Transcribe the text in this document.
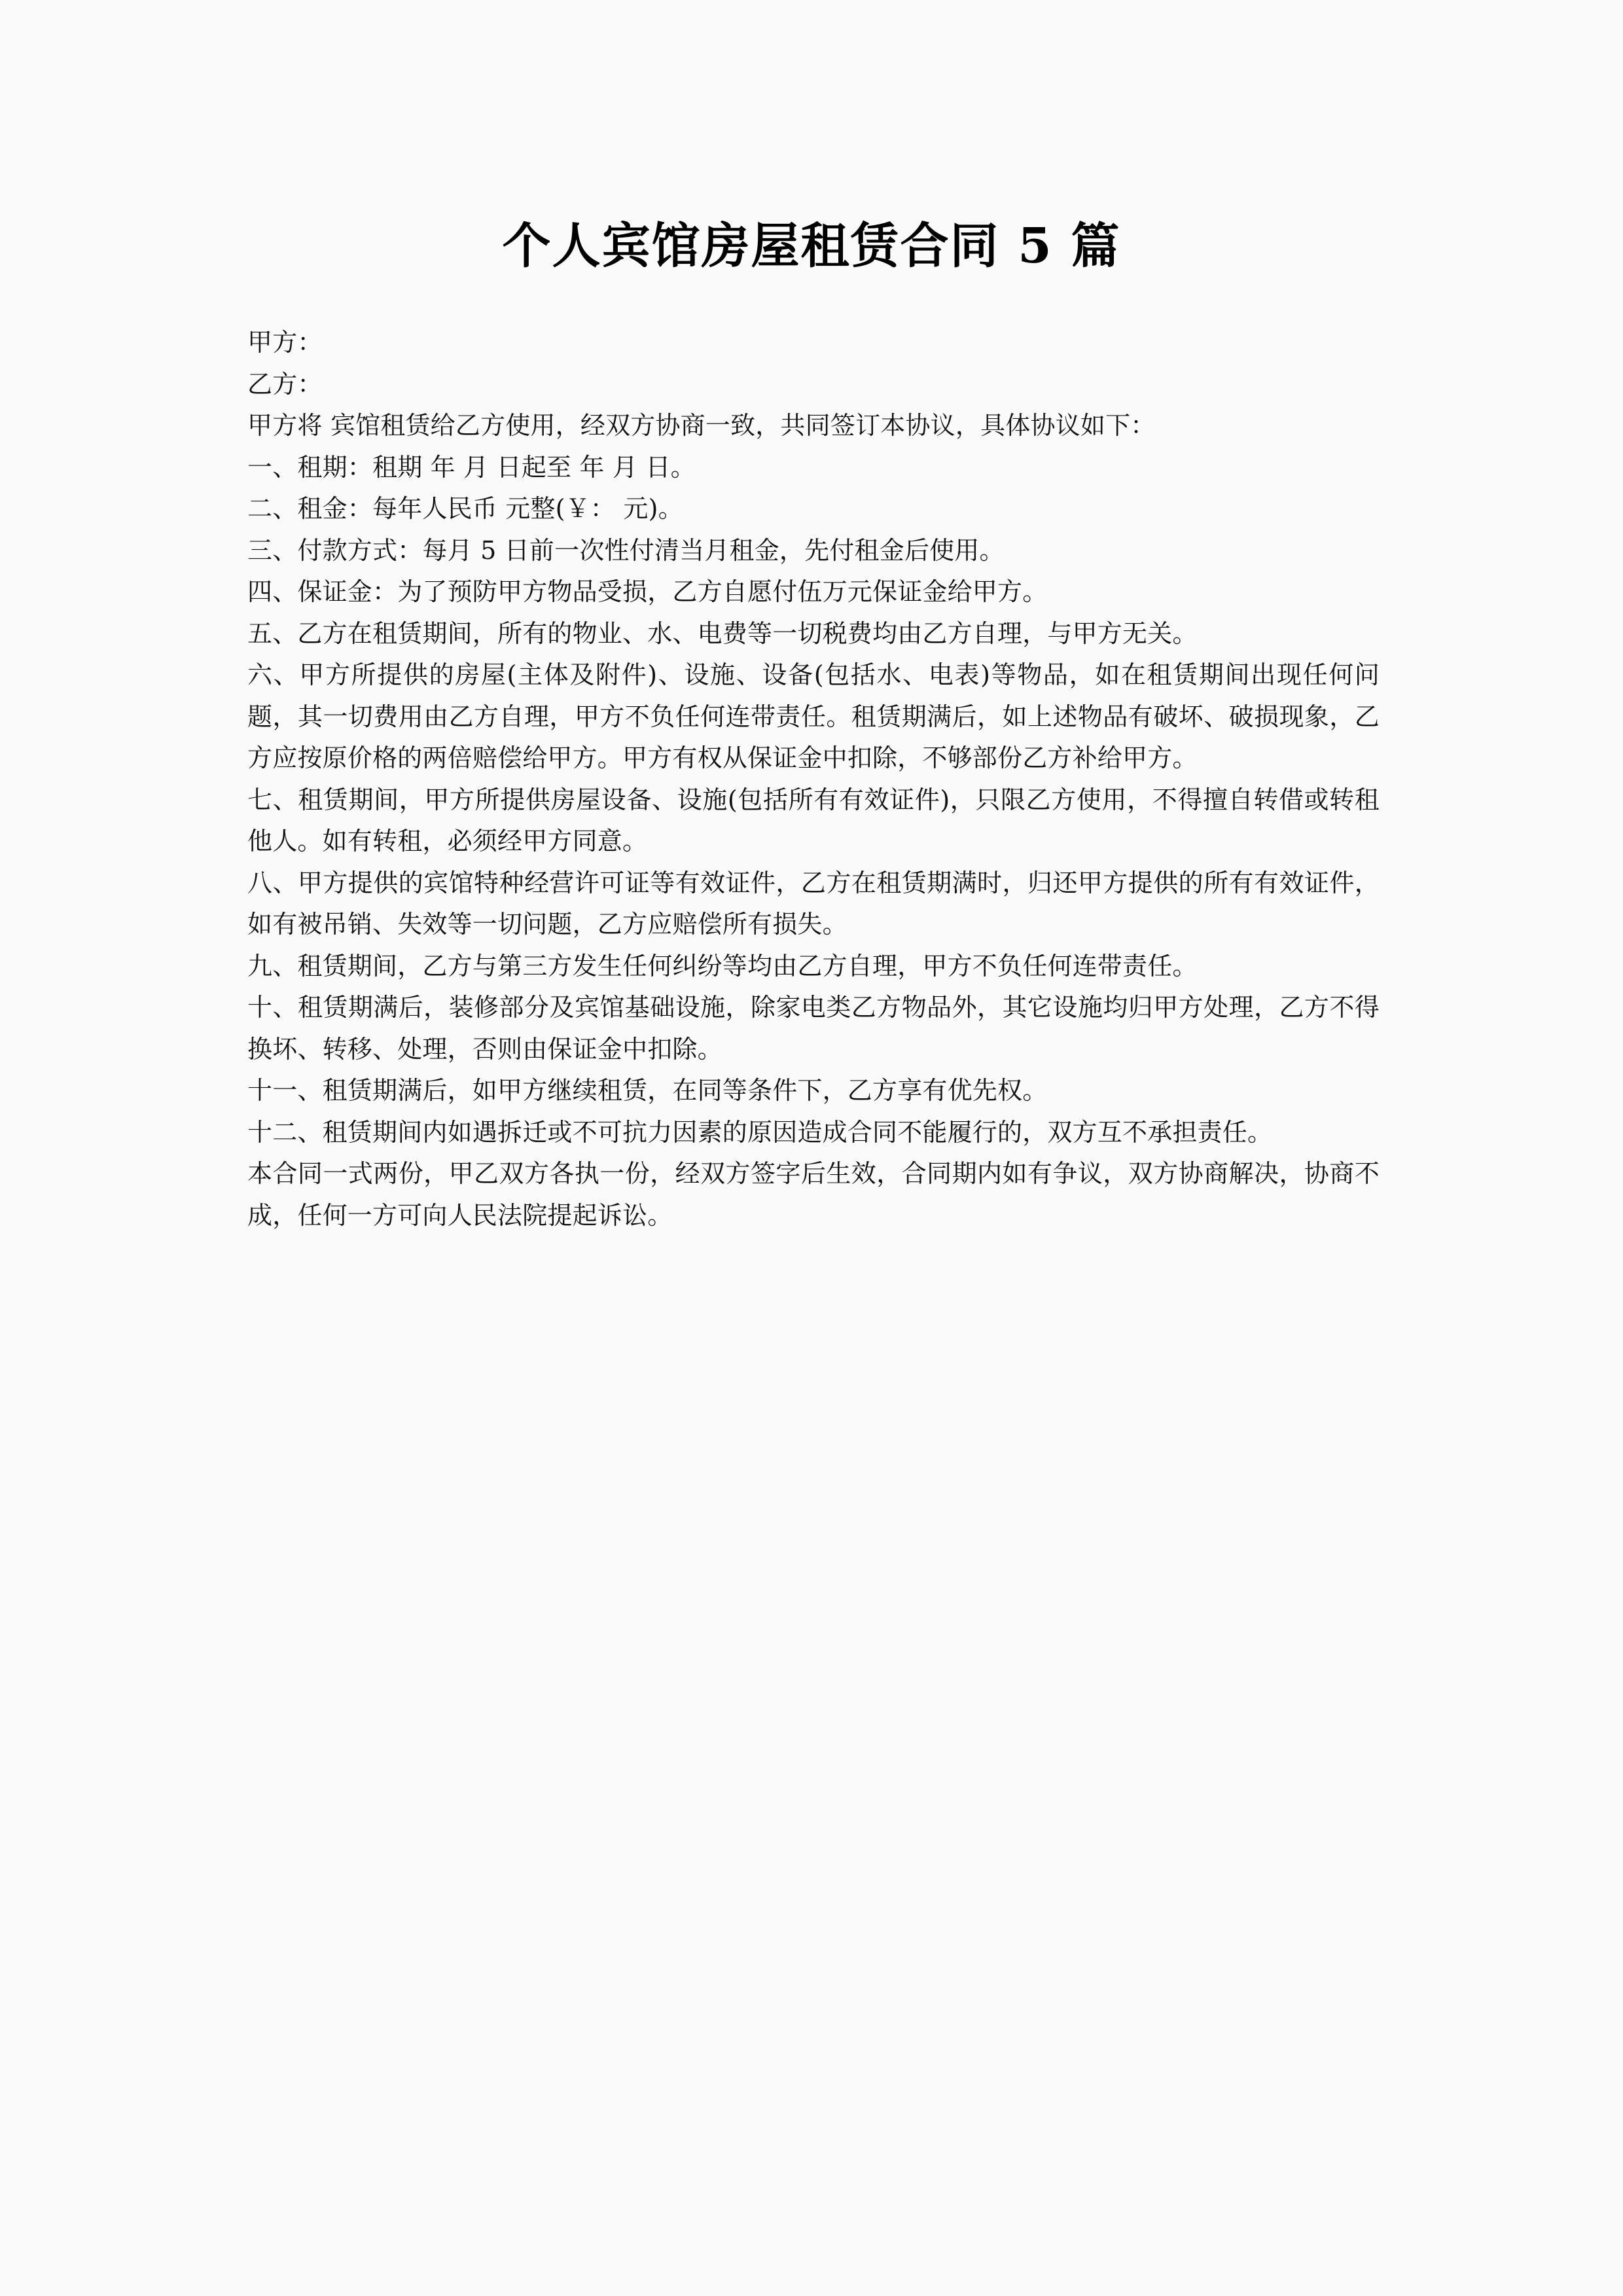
个人宾馆房屋租赁合同 5 篇

甲方：

乙方：

甲方将 宾馆租赁给乙方使用，经双方协商一致，共同签订本协议，具体协议如下：

一、租期：租期 年 月 日起至 年 月 日。

二、租金：每年人民币 元整(￥： 元)。

三、付款方式：每月 5 日前一次性付清当月租金，先付租金后使用。

四、保证金：为了预防甲方物品受损，乙方自愿付伍万元保证金给甲方。

五、乙方在租赁期间，所有的物业、水、电费等一切税费均由乙方自理，与甲方无关。

六、甲方所提供的房屋(主体及附件)、设施、设备(包括水、电表)等物品，如在租赁期间出现任何问题，其一切费用由乙方自理，甲方不负任何连带责任。租赁期满后，如上述物品有破坏、破损现象，乙方应按原价格的两倍赔偿给甲方。甲方有权从保证金中扣除，不够部份乙方补给甲方。

七、租赁期间，甲方所提供房屋设备、设施(包括所有有效证件)，只限乙方使用，不得擅自转借或转租他人。如有转租，必须经甲方同意。

八、甲方提供的宾馆特种经营许可证等有效证件，乙方在租赁期满时，归还甲方提供的所有有效证件，如有被吊销、失效等一切问题，乙方应赔偿所有损失。

九、租赁期间，乙方与第三方发生任何纠纷等均由乙方自理，甲方不负任何连带责任。

十、租赁期满后，装修部分及宾馆基础设施，除家电类乙方物品外，其它设施均归甲方处理，乙方不得换坏、转移、处理，否则由保证金中扣除。

十一、租赁期满后，如甲方继续租赁，在同等条件下，乙方享有优先权。

十二、租赁期间内如遇拆迁或不可抗力因素的原因造成合同不能履行的，双方互不承担责任。

本合同一式两份，甲乙双方各执一份，经双方签字后生效，合同期内如有争议，双方协商解决，协商不成，任何一方可向人民法院提起诉讼。
